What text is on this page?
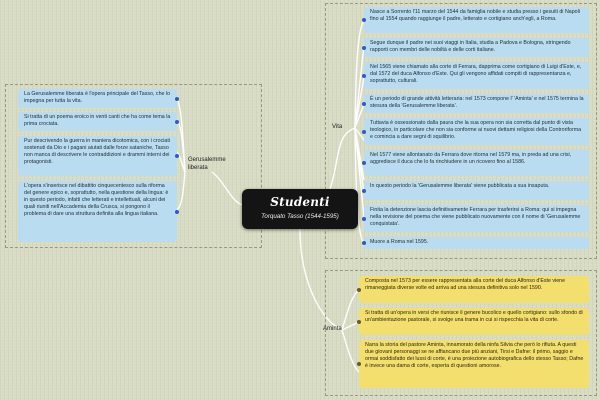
Studenti
Torquato Tasso (1544-1595)
Vita
Gerusalemme liberata
Aminta
Nasce a Sorrento l'11 marzo del 1544 da famiglia nobile e studia presso i gesuiti di Napoli fino al 1554 quando raggiunge il padre, letterato e cortigiano anch'egli, a Roma.
Segue dunque il padre nei suoi viaggi in Italia, studia a Padova e Bologna, stringendo rapporti con membri delle nobiltà e delle corti italiane.
Nel 1565 viene chiamato alla corte di Ferrara, dapprima come cortigiano di Luigi d'Este, e, dal 1572 del duca Alfonso d'Este. Qui gli vengono affidati compiti di rappresentanza e, soprattutto, culturali.
È un periodo di grande attività letteraria: nel 1573 compone l' 'Aminta' e nel 1575 termina la stesura della 'Gerusalemme liberata'.
Tuttavia è ossessionato dalla paura che la sua opera non sia corretta dal punto di vista teologico, in particolare che non sia conforme ai nuovi dettami religiosi della Controriforma e comincia a dare segni di squilibrio.
Nel 1577 viene allontanato da Ferrara dove ritorna nel 1579 ma, in preda ad una crisi, aggredisce il duca che lo fa rinchiudere in un ricovero fino al 1586.
In questo periodo la 'Gerusalemme liberata' viene pubblicata a sua insaputa.
Finita la detenzione lascia definitivamente Ferrara per trasferirsi a Roma: qui si impegna nella revisione del poema che viene pubblicato nuovamente con il nome di 'Gerusalemme conquistata'.
Muore a Roma nel 1595.
La Gerusalemme liberata è l'opera principale del Tasso, che lo impegna per tutta la vita.
Si tratta di un poema eroico in venti canti che ha come tema la prima crociata.
Pur descrivendo la guerra in maniera dicotomica, con i crociati sostenuti da Dio e i pagani aiutati dalle forze sataniche, Tasso non manca di descrivere le contraddizioni e drammi interni dei protagonisti.
L'opera s'inserisce nel dibattito cinquecentesco sulla riforma del genere epico e, soprattutto, nella questione della lingua: è in questo periodo, infatti che letterati e intellettuali, alcuni dei quali riuniti nell'Accademia della Crusca, si pongono il problema di dare una struttura definita alla lingua italiana.
Composta nel 1573 per essere rappresentata alla corte del duca Alfonso d'Este viene rimaneggiata diverse volte ed arriva ad una stesura definitiva solo nel 1590.
Si tratta di un'opera in versi che riunisce il genere bucolico e quello cortigiano: sullo sfondo di un'ambientazione pastorale, si svolge una trama in cui si rispecchia la vita di corte.
Narra la storia del pastore Aminta, innamorato della ninfa Silvia che però lo rifiuta. A questi due giovani personaggi se ne affiancano due più anziani, Tirsi e Dafne: il primo, saggio e ormai soddisfatto dei lussi di corte, è una proiezione autobiografica dello stesso Tasso; Dafne è invece una dama di corte, esperta di questioni amorose.
